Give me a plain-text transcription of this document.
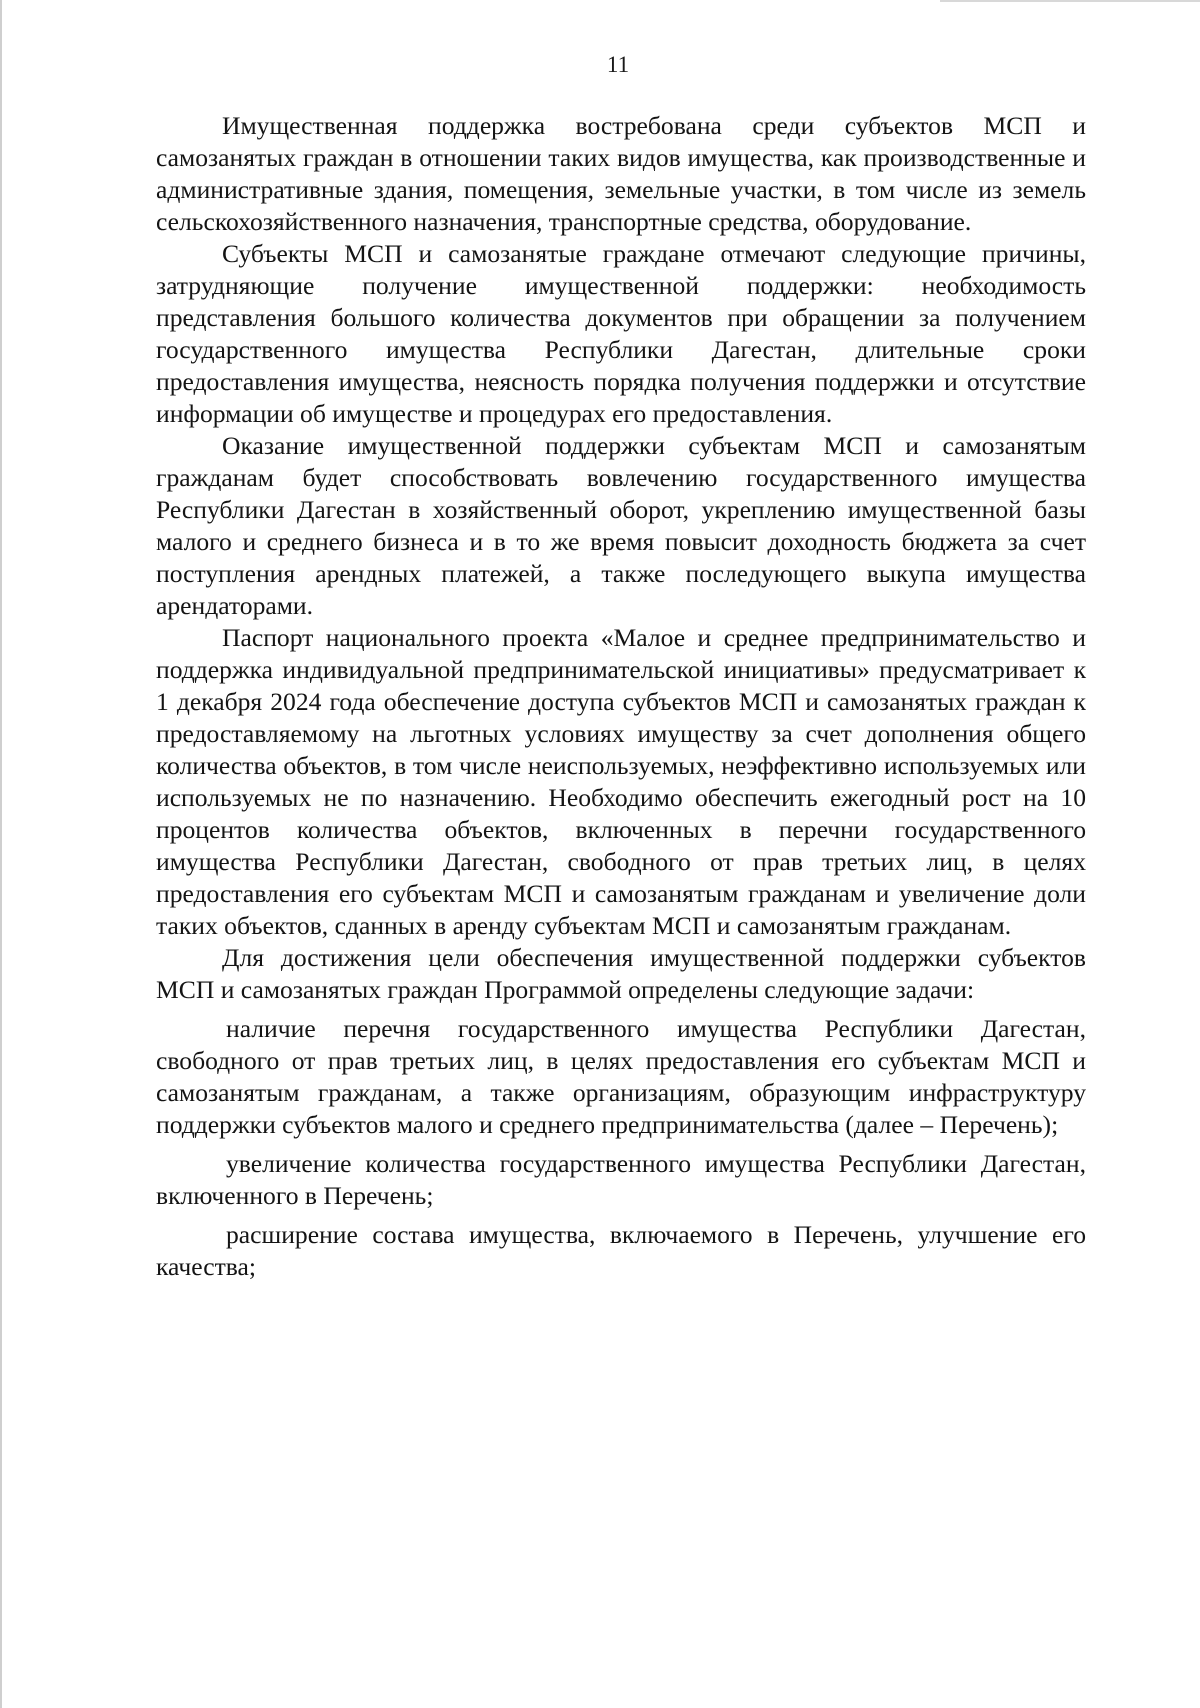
11

Имущественная поддержка востребована среди субъектов МСП и самозанятых граждан в отношении таких видов имущества, как производственные и административные здания, помещения, земельные участки, в том числе из земель сельскохозяйственного назначения, транспортные средства, оборудование.

Субъекты МСП и самозанятые граждане отмечают следующие причины, затрудняющие получение имущественной поддержки: необходимость представления большого количества документов при обращении за получением государственного имущества Республики Дагестан, длительные сроки предоставления имущества, неясность порядка получения поддержки и отсутствие информации об имуществе и процедурах его предоставления.

Оказание имущественной поддержки субъектам МСП и самозанятым гражданам будет способствовать вовлечению государственного имущества Республики Дагестан в хозяйственный оборот, укреплению имущественной базы малого и среднего бизнеса и в то же время повысит доходность бюджета за счет поступления арендных платежей, а также последующего выкупа имущества арендаторами.

Паспорт национального проекта «Малое и среднее предпринимательство и поддержка индивидуальной предпринимательской инициативы» предусматривает к 1 декабря 2024 года обеспечение доступа субъектов МСП и самозанятых граждан к предоставляемому на льготных условиях имуществу за счет дополнения общего количества объектов, в том числе неиспользуемых, неэффективно используемых или используемых не по назначению. Необходимо обеспечить ежегодный рост на 10 процентов количества объектов, включенных в перечни государственного имущества Республики Дагестан, свободного от прав третьих лиц, в целях предоставления его субъектам МСП и самозанятым гражданам и увеличение доли таких объектов, сданных в аренду субъектам МСП и самозанятым гражданам.

Для достижения цели обеспечения имущественной поддержки субъектов МСП и самозанятых граждан Программой определены следующие задачи:

наличие перечня государственного имущества Республики Дагестан, свободного от прав третьих лиц, в целях предоставления его субъектам МСП и самозанятым гражданам, а также организациям, образующим инфраструктуру поддержки субъектов малого и среднего предпринимательства (далее – Перечень);

увеличение количества государственного имущества Республики Дагестан, включенного в Перечень;

расширение состава имущества, включаемого в Перечень, улучшение его качества;
